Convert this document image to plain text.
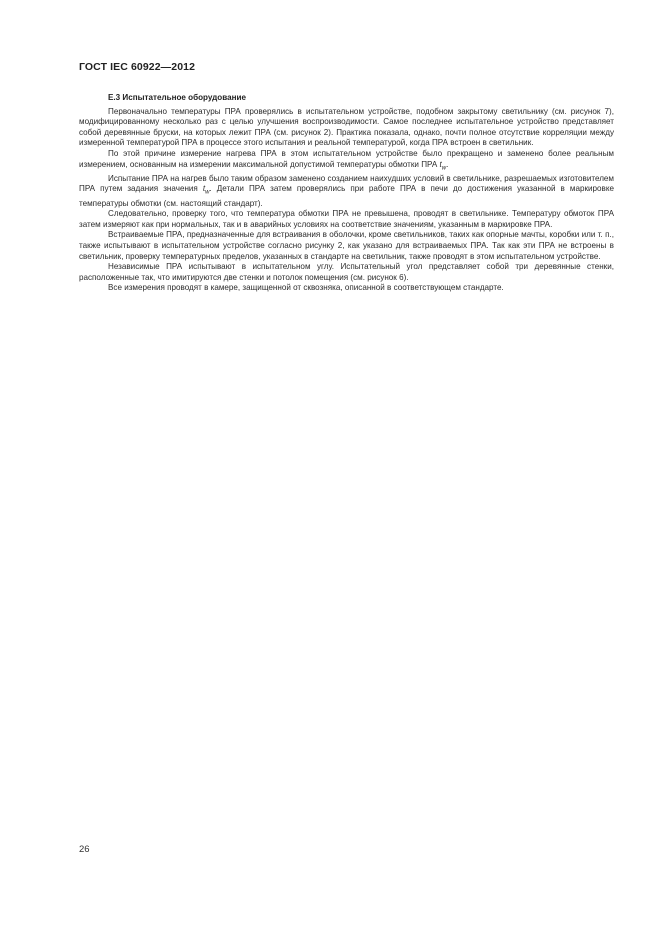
ГОСТ IEC 60922—2012

E.3 Испытательное оборудование

Первоначально температуры ПРА проверялись в испытательном устройстве, подобном закрытому светильнику (см. рисунок 7), модифицированному несколько раз с целью улучшения воспроизводимости. Самое последнее испытательное устройство представляет собой деревянные бруски, на которых лежит ПРА (см. рисунок 2). Практика показала, однако, почти полное отсутствие корреляции между измеренной температурой ПРА в процессе этого испытания и реальной температурой, когда ПРА встроен в светильник.

По этой причине измерение нагрева ПРА в этом испытательном устройстве было прекращено и заменено более реальным измерением, основанным на измерении максимальной допустимой температуры обмотки ПРА $t_w$.

Испытание ПРА на нагрев было таким образом заменено созданием наихудших условий в светильнике, разрешаемых изготовителем ПРА путем задания значения $t_w$. Детали ПРА затем проверялись при работе ПРА в печи до достижения указанной в маркировке температуры обмотки (см. настоящий стандарт).

Следовательно, проверку того, что температура обмотки ПРА не превышена, проводят в светильнике. Температуру обмоток ПРА затем измеряют как при нормальных, так и в аварийных условиях на соответствие значениям, указанным в маркировке ПРА.

Встраиваемые ПРА, предназначенные для встраивания в оболочки, кроме светильников, таких как опорные мачты, коробки или т. п., также испытывают в испытательном устройстве согласно рисунку 2, как указано для встраиваемых ПРА. Так как эти ПРА не встроены в светильник, проверку температурных пределов, указанных в стандарте на светильник, также проводят в этом испытательном устройстве.

Независимые ПРА испытывают в испытательном углу. Испытательный угол представляет собой три деревянные стенки, расположенные так, что имитируются две стенки и потолок помещения (см. рисунок 6).

Все измерения проводят в камере, защищенной от сквозняка, описанной в соответствующем стандарте.

26
